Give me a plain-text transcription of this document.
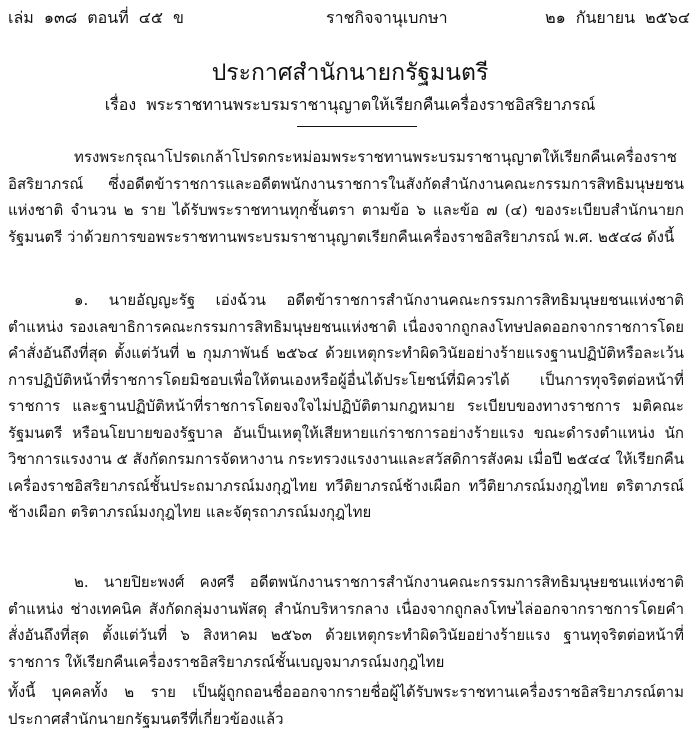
เล่ม ๑๓๘ ตอนที่ ๔๕ ข	ราชกิจจานุเบกษา	๒๑ กันยายน ๒๕๖๔
ประกาศสำนักนายกรัฐมนตรี
เรื่อง พระราชทานพระบรมราชานุญาตให้เรียกคืนเครื่องราชอิสริยาภรณ์

ทรงพระกรุณาโปรดเกล้าโปรดกระหม่อมพระราชทานพระบรมราชานุญาตให้เรียกคืนเครื่องราชอิสริยาภรณ์ ซึ่งอดีตข้าราชการและอดีตพนักงานราชการในสังกัดสำนักงานคณะกรรมการสิทธิมนุษยชนแห่งชาติ จำนวน ๒ ราย ได้รับพระราชทานทุกชั้นตรา ตามข้อ ๖ และข้อ ๗ (๔) ของระเบียบสำนักนายกรัฐมนตรี ว่าด้วยการขอพระราชทานพระบรมราชานุญาตเรียกคืนเครื่องราชอิสริยาภรณ์ พ.ศ. ๒๕๔๘ ดังนี้

๑. นายอัญญะรัฐ เอ่งฉ้วน อดีตข้าราชการสำนักงานคณะกรรมการสิทธิมนุษยชนแห่งชาติ ตำแหน่ง รองเลขาธิการคณะกรรมการสิทธิมนุษยชนแห่งชาติ เนื่องจากถูกลงโทษปลดออกจากราชการโดยคำสั่งอันถึงที่สุด ตั้งแต่วันที่ ๒ กุมภาพันธ์ ๒๕๖๔ ด้วยเหตุกระทำผิดวินัยอย่างร้ายแรงฐานปฏิบัติหรือละเว้นการปฏิบัติหน้าที่ราชการโดยมิชอบเพื่อให้ตนเองหรือผู้อื่นได้ประโยชน์ที่มิควรได้ เป็นการทุจริตต่อหน้าที่ราชการ และฐานปฏิบัติหน้าที่ราชการโดยจงใจไม่ปฏิบัติตามกฎหมาย ระเบียบของทางราชการ มติคณะรัฐมนตรี หรือนโยบายของรัฐบาล อันเป็นเหตุให้เสียหายแก่ราชการอย่างร้ายแรง ขณะดำรงตำแหน่ง นักวิชาการแรงงาน ๕ สังกัดกรมการจัดหางาน กระทรวงแรงงานและสวัสดิการสังคม เมื่อปี ๒๕๔๔ ให้เรียกคืนเครื่องราชอิสริยาภรณ์ชั้นประถมาภรณ์มงกุฎไทย ทวีติยาภรณ์ช้างเผือก ทวีติยาภรณ์มงกุฎไทย ตริตาภรณ์ช้างเผือก ตริตาภรณ์มงกุฎไทย และจัตุรถาภรณ์มงกุฎไทย

๒. นายปิยะพงศ์ คงศรี อดีตพนักงานราชการสำนักงานคณะกรรมการสิทธิมนุษยชนแห่งชาติ ตำแหน่ง ช่างเทคนิค สังกัดกลุ่มงานพัสดุ สำนักบริหารกลาง เนื่องจากถูกลงโทษไล่ออกจากราชการโดยคำสั่งอันถึงที่สุด ตั้งแต่วันที่ ๖ สิงหาคม ๒๕๖๓ ด้วยเหตุกระทำผิดวินัยอย่างร้ายแรง ฐานทุจริตต่อหน้าที่ราชการ ให้เรียกคืนเครื่องราชอิสริยาภรณ์ชั้นเบญจมาภรณ์มงกุฎไทย

ทั้งนี้ บุคคลทั้ง ๒ ราย เป็นผู้ถูกถอนชื่อออกจากรายชื่อผู้ได้รับพระราชทานเครื่องราชอิสริยาภรณ์ตามประกาศสำนักนายกรัฐมนตรีที่เกี่ยวข้องแล้ว
